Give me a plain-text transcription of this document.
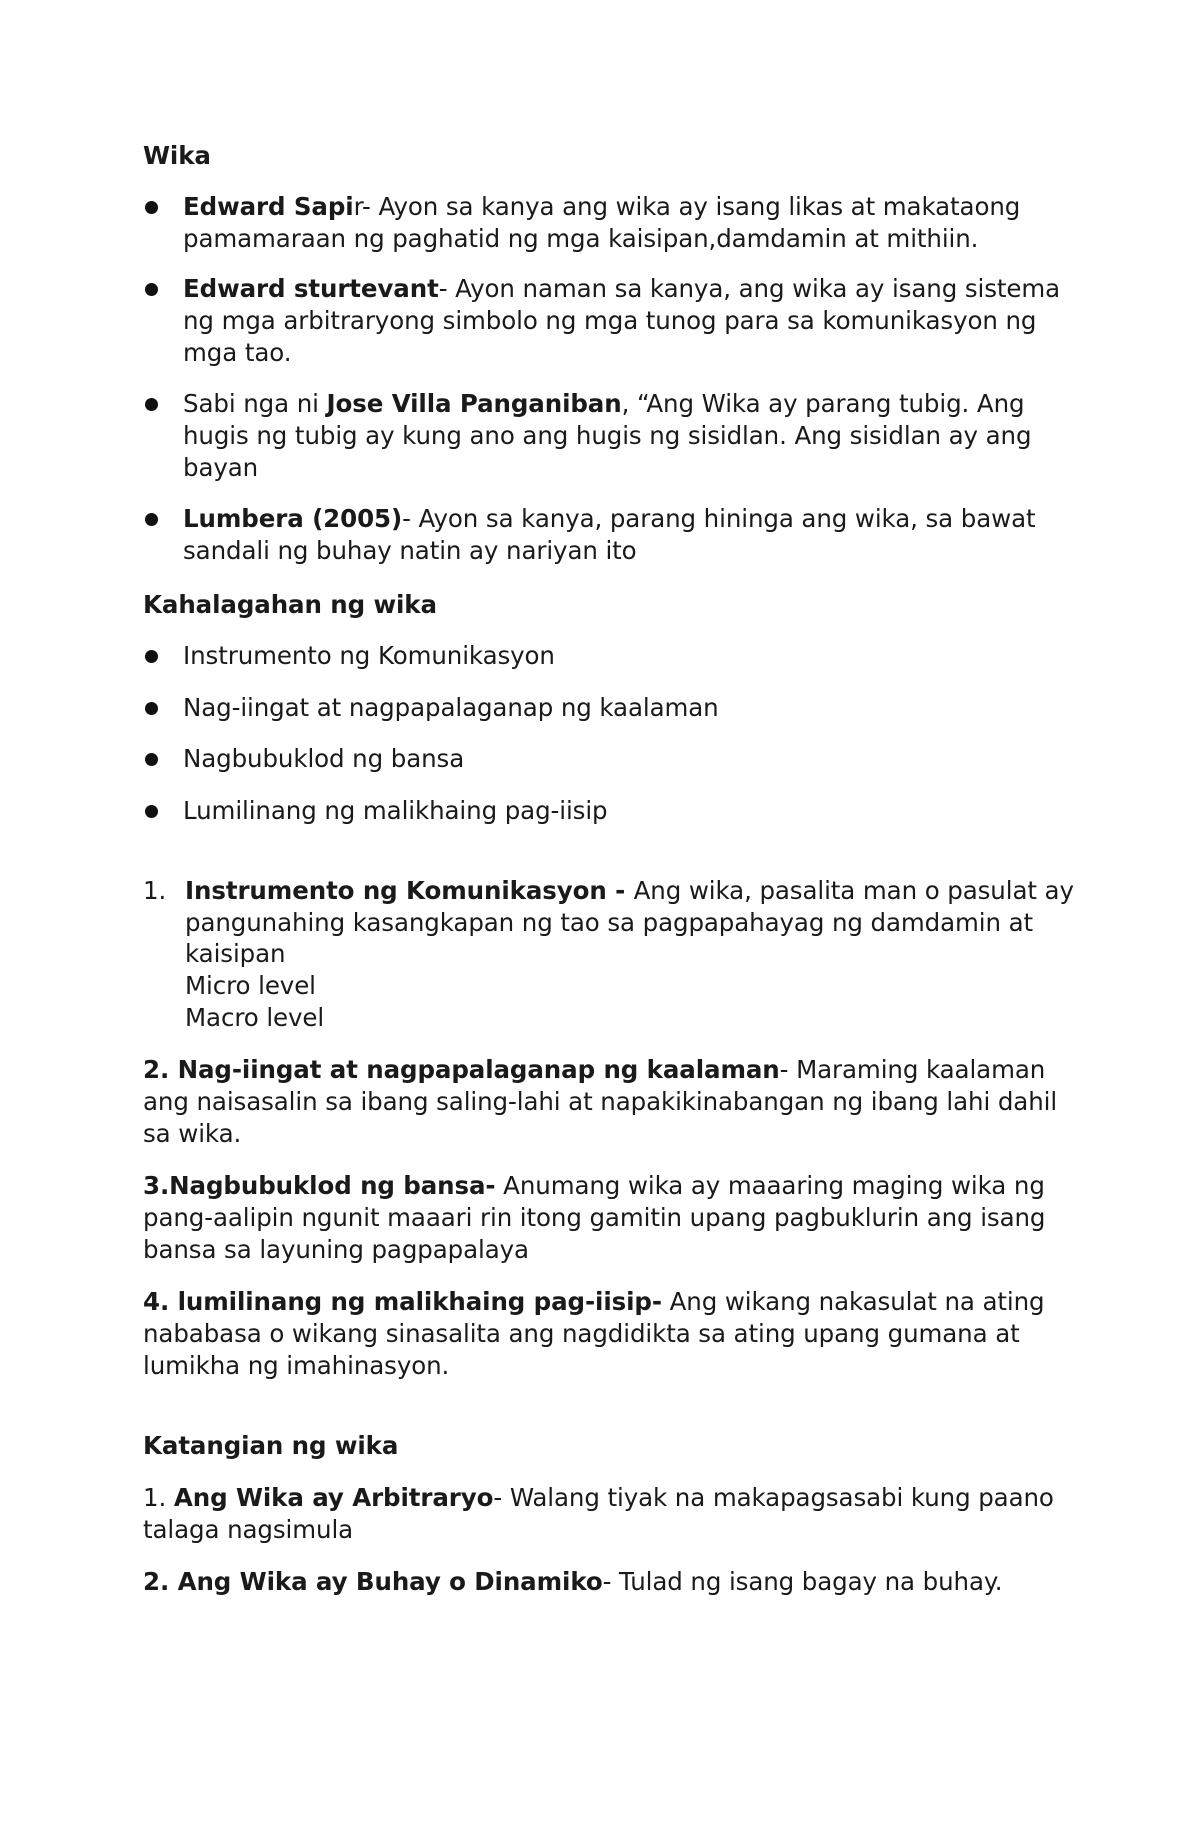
Wika
Edward Sapir- Ayon sa kanya ang wika ay isang likas at makataong
pamamaraan ng paghatid ng mga kaisipan,damdamin at mithiin.
Edward sturtevant- Ayon naman sa kanya, ang wika ay isang sistema
ng mga arbitraryong simbolo ng mga tunog para sa komunikasyon ng
mga tao.
Sabi nga ni Jose Villa Panganiban, “Ang Wika ay parang tubig. Ang
hugis ng tubig ay kung ano ang hugis ng sisidlan. Ang sisidlan ay ang
bayan
Lumbera (2005)- Ayon sa kanya, parang hininga ang wika, sa bawat
sandali ng buhay natin ay nariyan ito
Kahalagahan ng wika
Instrumento ng Komunikasyon
Nag-iingat at nagpapalaganap ng kaalaman
Nagbubuklod ng bansa
Lumilinang ng malikhaing pag-iisip
1. Instrumento ng Komunikasyon - Ang wika, pasalita man o pasulat ay
pangunahing kasangkapan ng tao sa pagpapahayag ng damdamin at
kaisipan
Micro level
Macro level
2. Nag-iingat at nagpapalaganap ng kaalaman- Maraming kaalaman
ang naisasalin sa ibang saling-lahi at napakikinabangan ng ibang lahi dahil
sa wika.
3.Nagbubuklod ng bansa- Anumang wika ay maaaring maging wika ng
pang-aalipin ngunit maaari rin itong gamitin upang pagbuklurin ang isang
bansa sa layuning pagpapalaya
4. lumilinang ng malikhaing pag-iisip- Ang wikang nakasulat na ating
nababasa o wikang sinasalita ang nagdidikta sa ating upang gumana at
lumikha ng imahinasyon.
Katangian ng wika
1. Ang Wika ay Arbitraryo- Walang tiyak na makapagsasabi kung paano
talaga nagsimula
2. Ang Wika ay Buhay o Dinamiko- Tulad ng isang bagay na buhay.
